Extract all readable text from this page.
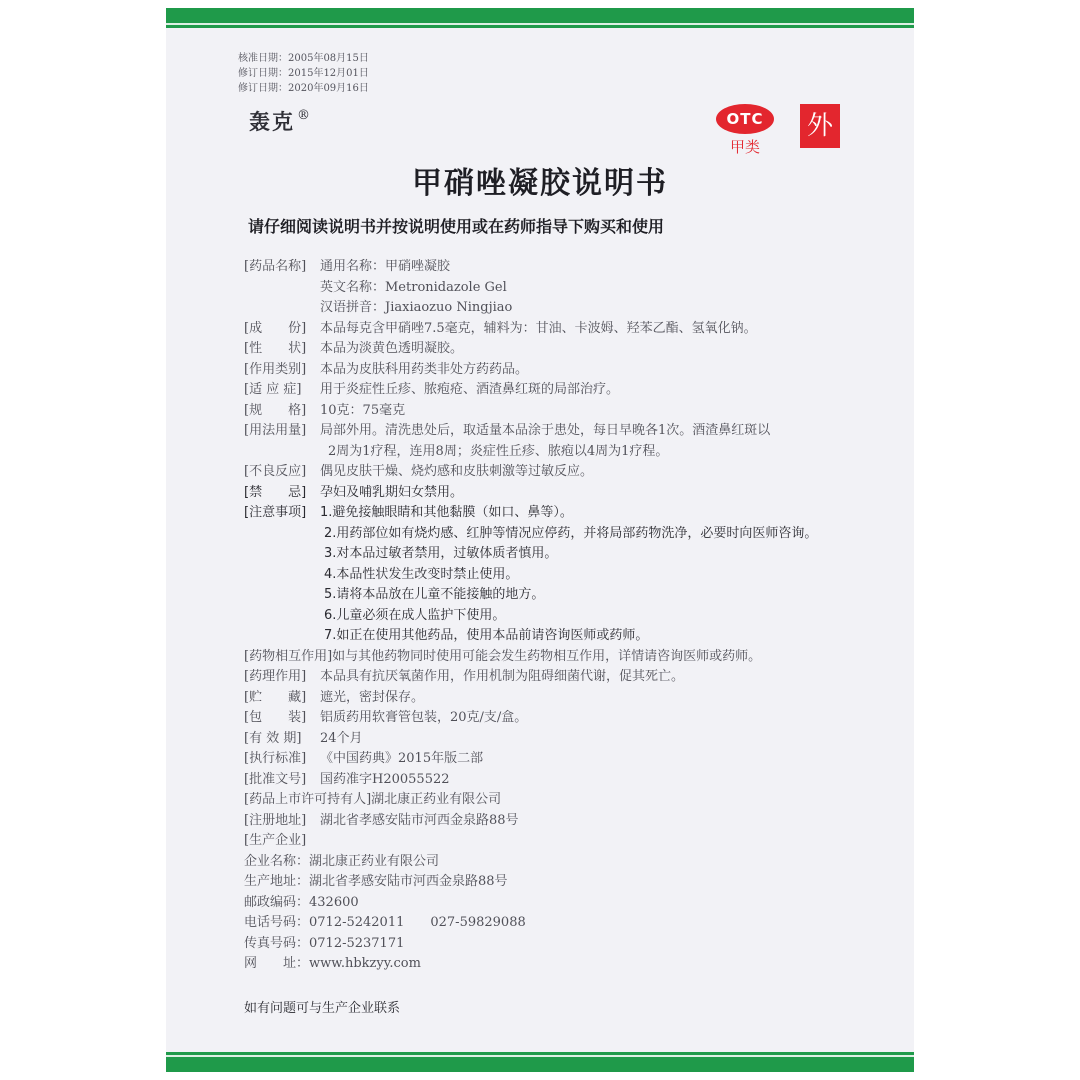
核准日期：2005年08月15日
修订日期：2015年12月01日
修订日期：2020年09月16日
轰克 ®	OTC
甲类
外
甲硝唑凝胶说明书
请仔细阅读说明书并按说明使用或在药师指导下购买和使用
[药品名称]	通用名称：甲硝唑凝胶
英文名称：Metronidazole Gel
汉语拼音：Jiaxiaozuo Ningjiao
[成　　份]	本品每克含甲硝唑7.5毫克，辅料为：甘油、卡波姆、羟苯乙酯、氢氧化钠。
[性　　状]	本品为淡黄色透明凝胶。
[作用类别]	本品为皮肤科用药类非处方药药品。
[适 应 症]	用于炎症性丘疹、脓疱疮、酒渣鼻红斑的局部治疗。
[规　　格]	10克：75毫克
[用法用量]	局部外用。清洗患处后，取适量本品涂于患处，每日早晚各1次。酒渣鼻红斑以
2周为1疗程，连用8周；炎症性丘疹、脓疱以4周为1疗程。
[不良反应]	偶见皮肤干燥、烧灼感和皮肤刺激等过敏反应。
[禁　　忌]	孕妇及哺乳期妇女禁用。
[注意事项]	1.避免接触眼睛和其他黏膜（如口、鼻等）。
2.用药部位如有烧灼感、红肿等情况应停药，并将局部药物洗净，必要时向医师咨询。
3.对本品过敏者禁用，过敏体质者慎用。
4.本品性状发生改变时禁止使用。
5.请将本品放在儿童不能接触的地方。
6.儿童必须在成人监护下使用。
7.如正在使用其他药品，使用本品前请咨询医师或药师。
[药物相互作用]如与其他药物同时使用可能会发生药物相互作用，详情请咨询医师或药师。
[药理作用]	本品具有抗厌氧菌作用，作用机制为阻碍细菌代谢，促其死亡。
[贮　　藏]	遮光，密封保存。
[包　　装]	铝质药用软膏管包装，20克/支/盒。
[有 效 期]	24个月
[执行标准]	《中国药典》2015年版二部
[批准文号]	国药准字H20055522
[药品上市许可持有人]湖北康正药业有限公司
[注册地址]	湖北省孝感安陆市河西金泉路88号
[生产企业]
企业名称：湖北康正药业有限公司
生产地址：湖北省孝感安陆市河西金泉路88号
邮政编码：432600
电话号码：0712-5242011　　027-59829088
传真号码：0712-5237171
网　　址：www.hbkzyy.com
如有问题可与生产企业联系
